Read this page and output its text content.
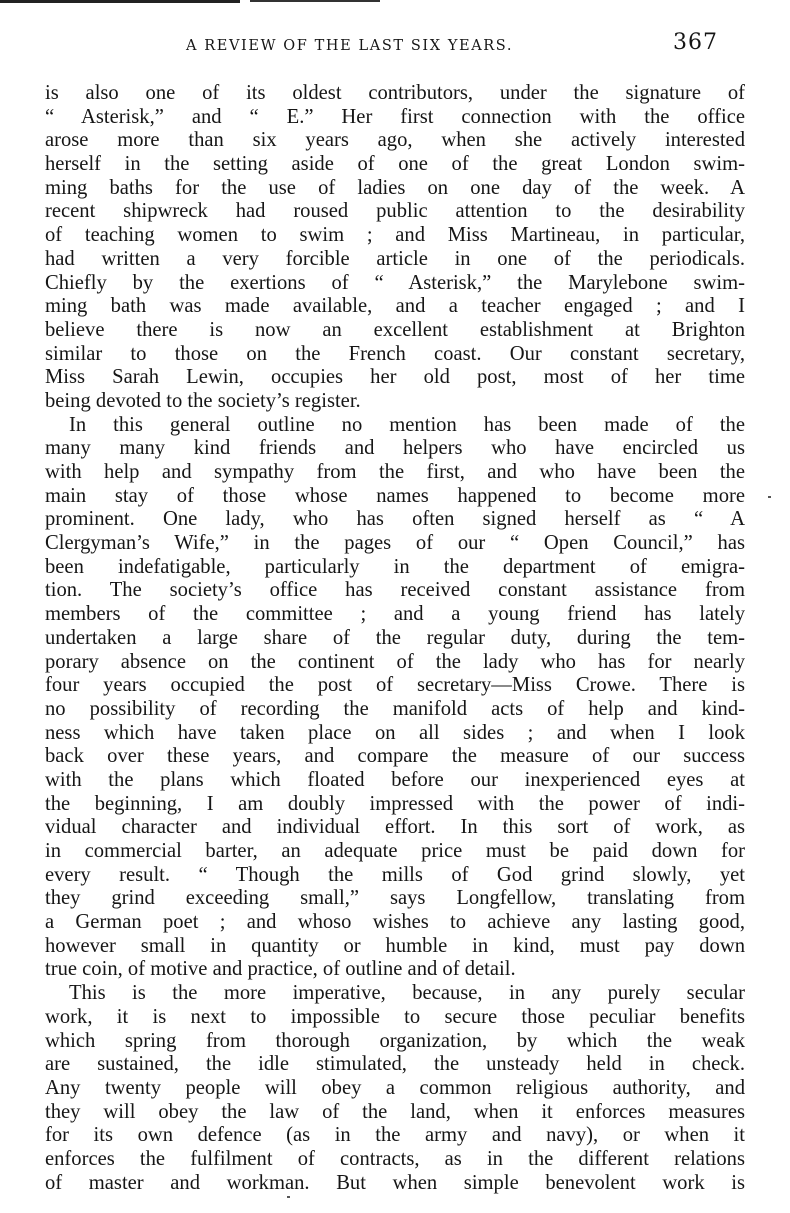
A REVIEW OF THE LAST SIX YEARS.	367
is also one of its oldest contributors, under the signature of
“ Asterisk,” and “ E.” Her first connection with the office
arose more than six years ago, when she actively interested
herself in the setting aside of one of the great London swim-
ming baths for the use of ladies on one day of the week. A
recent shipwreck had roused public attention to the desirability
of teaching women to swim ; and Miss Martineau, in particular,
had written a very forcible article in one of the periodicals.
Chiefly by the exertions of “ Asterisk,” the Marylebone swim-
ming bath was made available, and a teacher engaged ; and I
believe there is now an excellent establishment at Brighton
similar to those on the French coast. Our constant secretary,
Miss Sarah Lewin, occupies her old post, most of her time
being devoted to the society’s register.
In this general outline no mention has been made of the
many many kind friends and helpers who have encircled us
with help and sympathy from the first, and who have been the
main stay of those whose names happened to become more
prominent. One lady, who has often signed herself as “ A
Clergyman’s Wife,” in the pages of our “ Open Council,” has
been indefatigable, particularly in the department of emigra-
tion. The society’s office has received constant assistance from
members of the committee ; and a young friend has lately
undertaken a large share of the regular duty, during the tem-
porary absence on the continent of the lady who has for nearly
four years occupied the post of secretary—Miss Crowe. There is
no possibility of recording the manifold acts of help and kind-
ness which have taken place on all sides ; and when I look
back over these years, and compare the measure of our success
with the plans which floated before our inexperienced eyes at
the beginning, I am doubly impressed with the power of indi-
vidual character and individual effort. In this sort of work, as
in commercial barter, an adequate price must be paid down for
every result. “ Though the mills of God grind slowly, yet
they grind exceeding small,” says Longfellow, translating from
a German poet ; and whoso wishes to achieve any lasting good,
however small in quantity or humble in kind, must pay down
true coin, of motive and practice, of outline and of detail.
This is the more imperative, because, in any purely secular
work, it is next to impossible to secure those peculiar benefits
which spring from thorough organization, by which the weak
are sustained, the idle stimulated, the unsteady held in check.
Any twenty people will obey a common religious authority, and
they will obey the law of the land, when it enforces measures
for its own defence (as in the army and navy), or when it
enforces the fulfilment of contracts, as in the different relations
of master and workman. But when simple benevolent work is
